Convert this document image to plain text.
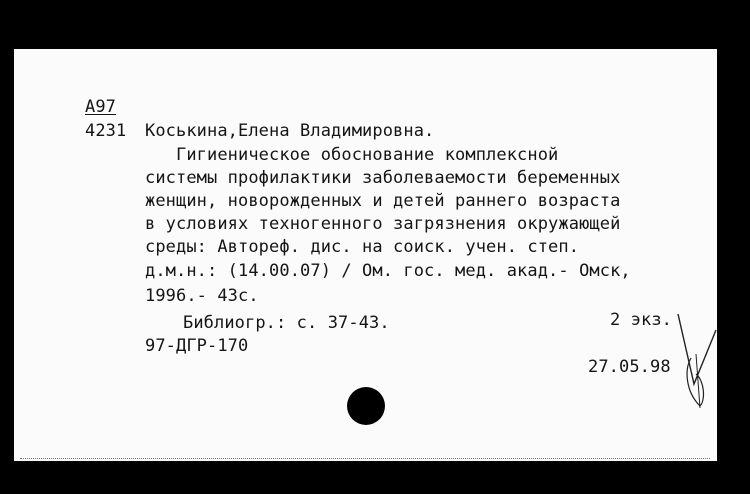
А97
4231 Коськина,Елена Владимировна.
Гигиеническое обоснование комплексной
системы профилактики заболеваемости беременных
женщин, новорожденных и детей раннего возраста
в условиях техногенного загрязнения окружающей
среды: Автореф. дис. на соиск. учен. степ.
д.м.н.: (14.00.07) / Ом. гос. мед. акад.- Омск,
1996.- 43с.
Библиогр.: с. 37-43.	2 экз.
97-ДГР-170
27.05.98
